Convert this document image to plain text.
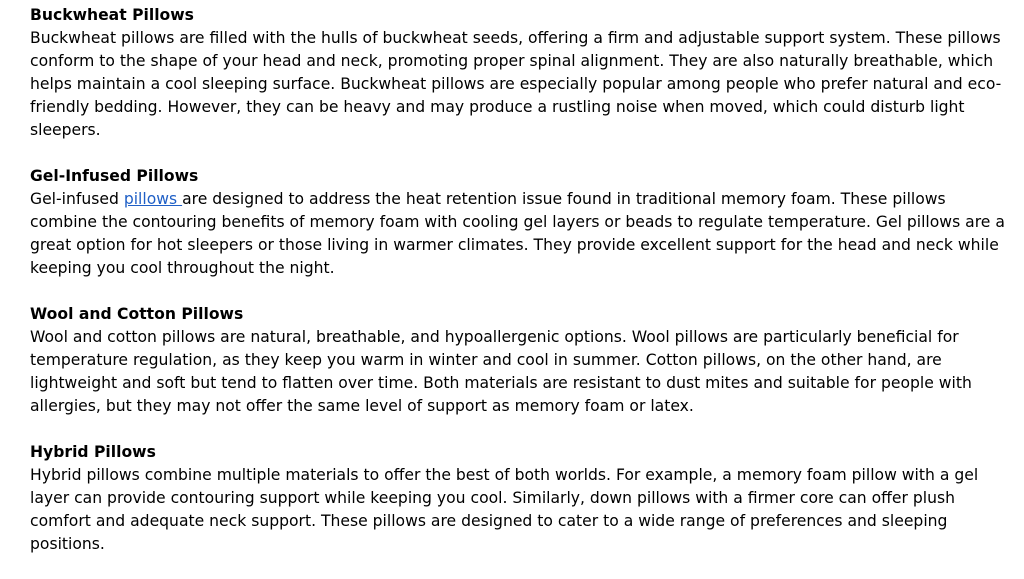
Buckwheat Pillows
Buckwheat pillows are filled with the hulls of buckwheat seeds, offering a firm and adjustable support system. These pillows conform to the shape of your head and neck, promoting proper spinal alignment. They are also naturally breathable, which helps maintain a cool sleeping surface. Buckwheat pillows are especially popular among people who prefer natural and eco-friendly bedding. However, they can be heavy and may produce a rustling noise when moved, which could disturb light sleepers.
Gel-Infused Pillows
Gel-infused pillows are designed to address the heat retention issue found in traditional memory foam. These pillows combine the contouring benefits of memory foam with cooling gel layers or beads to regulate temperature. Gel pillows are a great option for hot sleepers or those living in warmer climates. They provide excellent support for the head and neck while keeping you cool throughout the night.
Wool and Cotton Pillows
Wool and cotton pillows are natural, breathable, and hypoallergenic options. Wool pillows are particularly beneficial for temperature regulation, as they keep you warm in winter and cool in summer. Cotton pillows, on the other hand, are lightweight and soft but tend to flatten over time. Both materials are resistant to dust mites and suitable for people with allergies, but they may not offer the same level of support as memory foam or latex.
Hybrid Pillows
Hybrid pillows combine multiple materials to offer the best of both worlds. For example, a memory foam pillow with a gel layer can provide contouring support while keeping you cool. Similarly, down pillows with a firmer core can offer plush comfort and adequate neck support. These pillows are designed to cater to a wide range of preferences and sleeping positions.
